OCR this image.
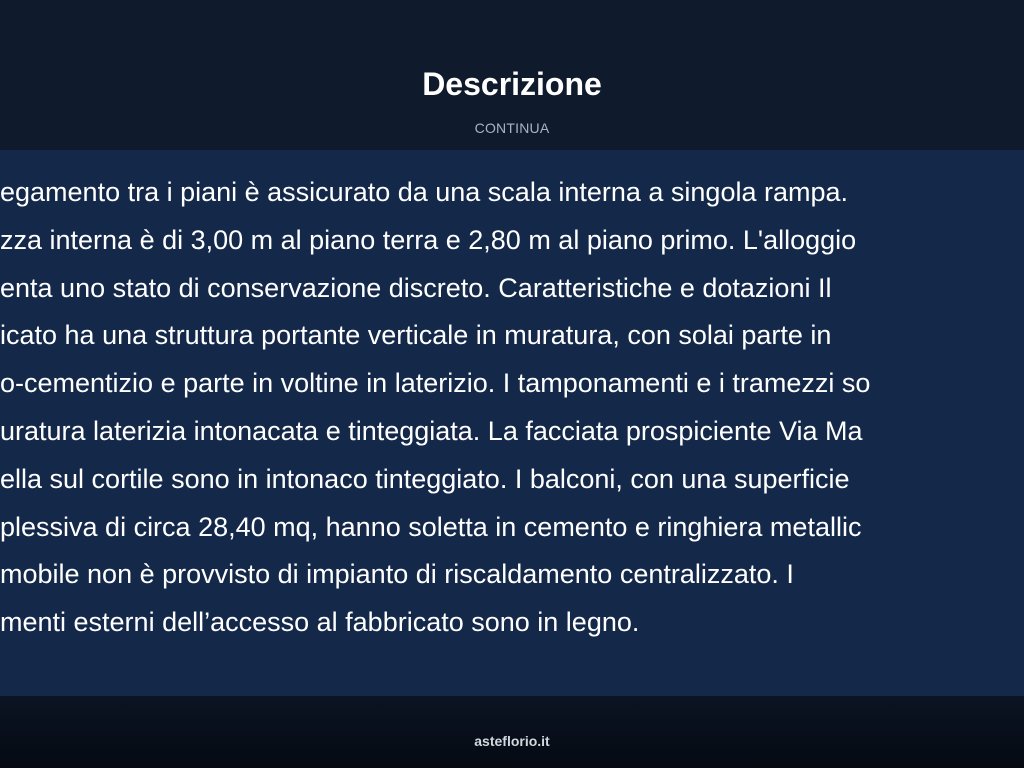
Descrizione
CONTINUA
egamento tra i piani è assicurato da una scala interna a singola rampa.
zza interna è di 3,00 m al piano terra e 2,80 m al piano primo. L'alloggio
enta uno stato di conservazione discreto. Caratteristiche e dotazioni Il
icato ha una struttura portante verticale in muratura, con solai parte in
o-cementizio e parte in voltine in laterizio. I tamponamenti e i tramezzi so
uratura laterizia intonacata e tinteggiata. La facciata prospiciente Via Ma
ella sul cortile sono in intonaco tinteggiato. I balconi, con una superficie
plessiva di circa 28,40 mq, hanno soletta in cemento e ringhiera metallic
mobile non è provvisto di impianto di riscaldamento centralizzato. I
menti esterni dell’accesso al fabbricato sono in legno.
asteflorio.it
